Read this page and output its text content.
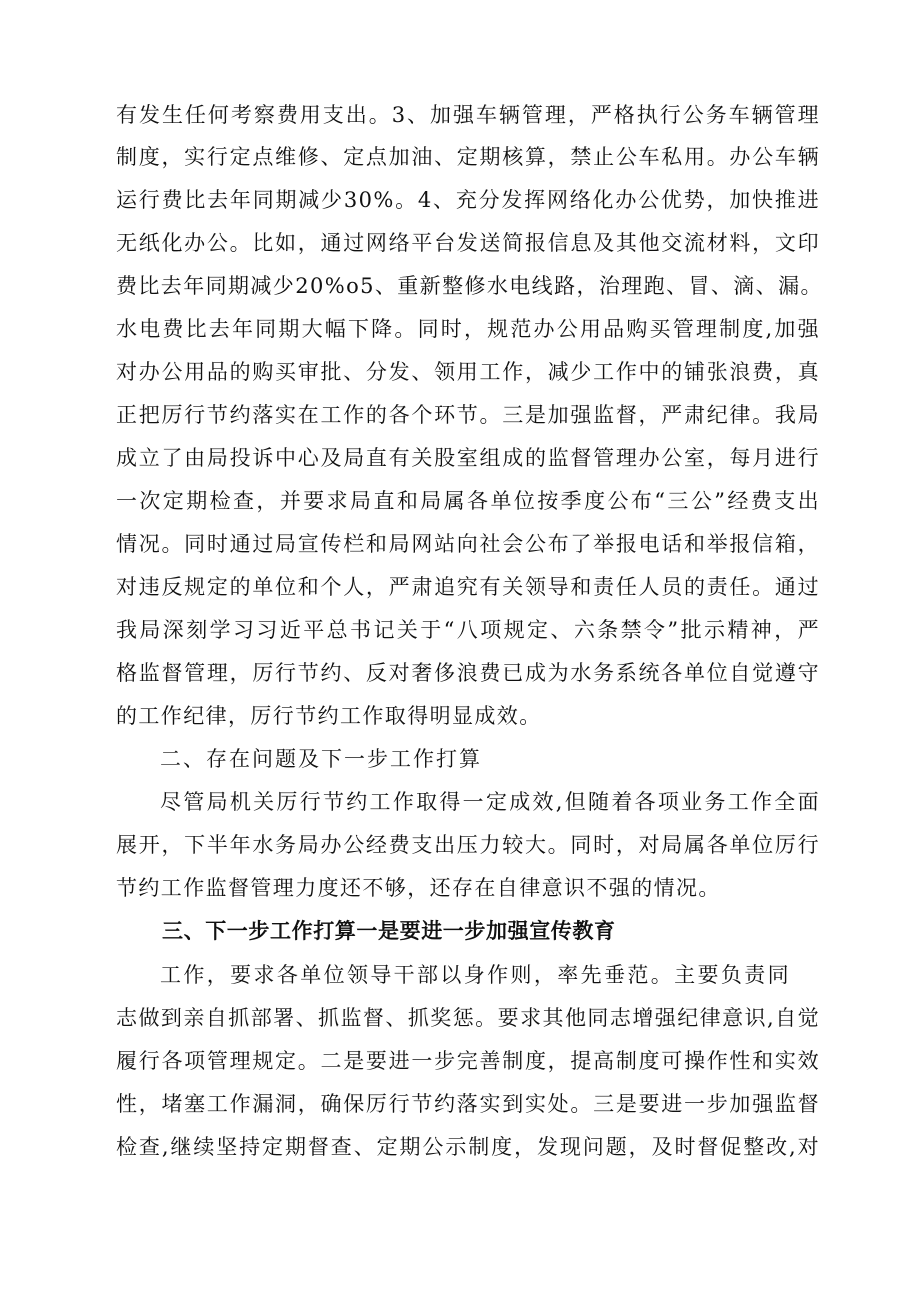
有发生任何考察费用支出。3、加强车辆管理，严格执行公务车辆管理
制度，实行定点维修、定点加油、定期核算，禁止公车私用。办公车辆
运行费比去年同期减少30%。4、充分发挥网络化办公优势，加快推进
无纸化办公。比如，通过网络平台发送简报信息及其他交流材料，文印
费比去年同期减少20%o5、重新整修水电线路，治理跑、冒、滴、漏。
水电费比去年同期大幅下降。同时，规范办公用品购买管理制度,加强
对办公用品的购买审批、分发、领用工作，减少工作中的铺张浪费，真
正把厉行节约落实在工作的各个环节。三是加强监督，严肃纪律。我局
成立了由局投诉中心及局直有关股室组成的监督管理办公室，每月进行
一次定期检查，并要求局直和局属各单位按季度公布“三公”经费支出
情况。同时通过局宣传栏和局网站向社会公布了举报电话和举报信箱，
对违反规定的单位和个人，严肃追究有关领导和责任人员的责任。通过
我局深刻学习习近平总书记关于“八项规定、六条禁令”批示精神，严
格监督管理，厉行节约、反对奢侈浪费已成为水务系统各单位自觉遵守
的工作纪律，厉行节约工作取得明显成效。
二、存在问题及下一步工作打算
尽管局机关厉行节约工作取得一定成效,但随着各项业务工作全面
展开，下半年水务局办公经费支出压力较大。同时，对局属各单位厉行
节约工作监督管理力度还不够，还存在自律意识不强的情况。
三、下一步工作打算一是要进一步加强宣传教育
工作，要求各单位领导干部以身作则，率先垂范。主要负责同
志做到亲自抓部署、抓监督、抓奖惩。要求其他同志增强纪律意识,自觉
履行各项管理规定。二是要进一步完善制度，提高制度可操作性和实效
性，堵塞工作漏洞，确保厉行节约落实到实处。三是要进一步加强监督
检查,继续坚持定期督查、定期公示制度，发现问题，及时督促整改,对
